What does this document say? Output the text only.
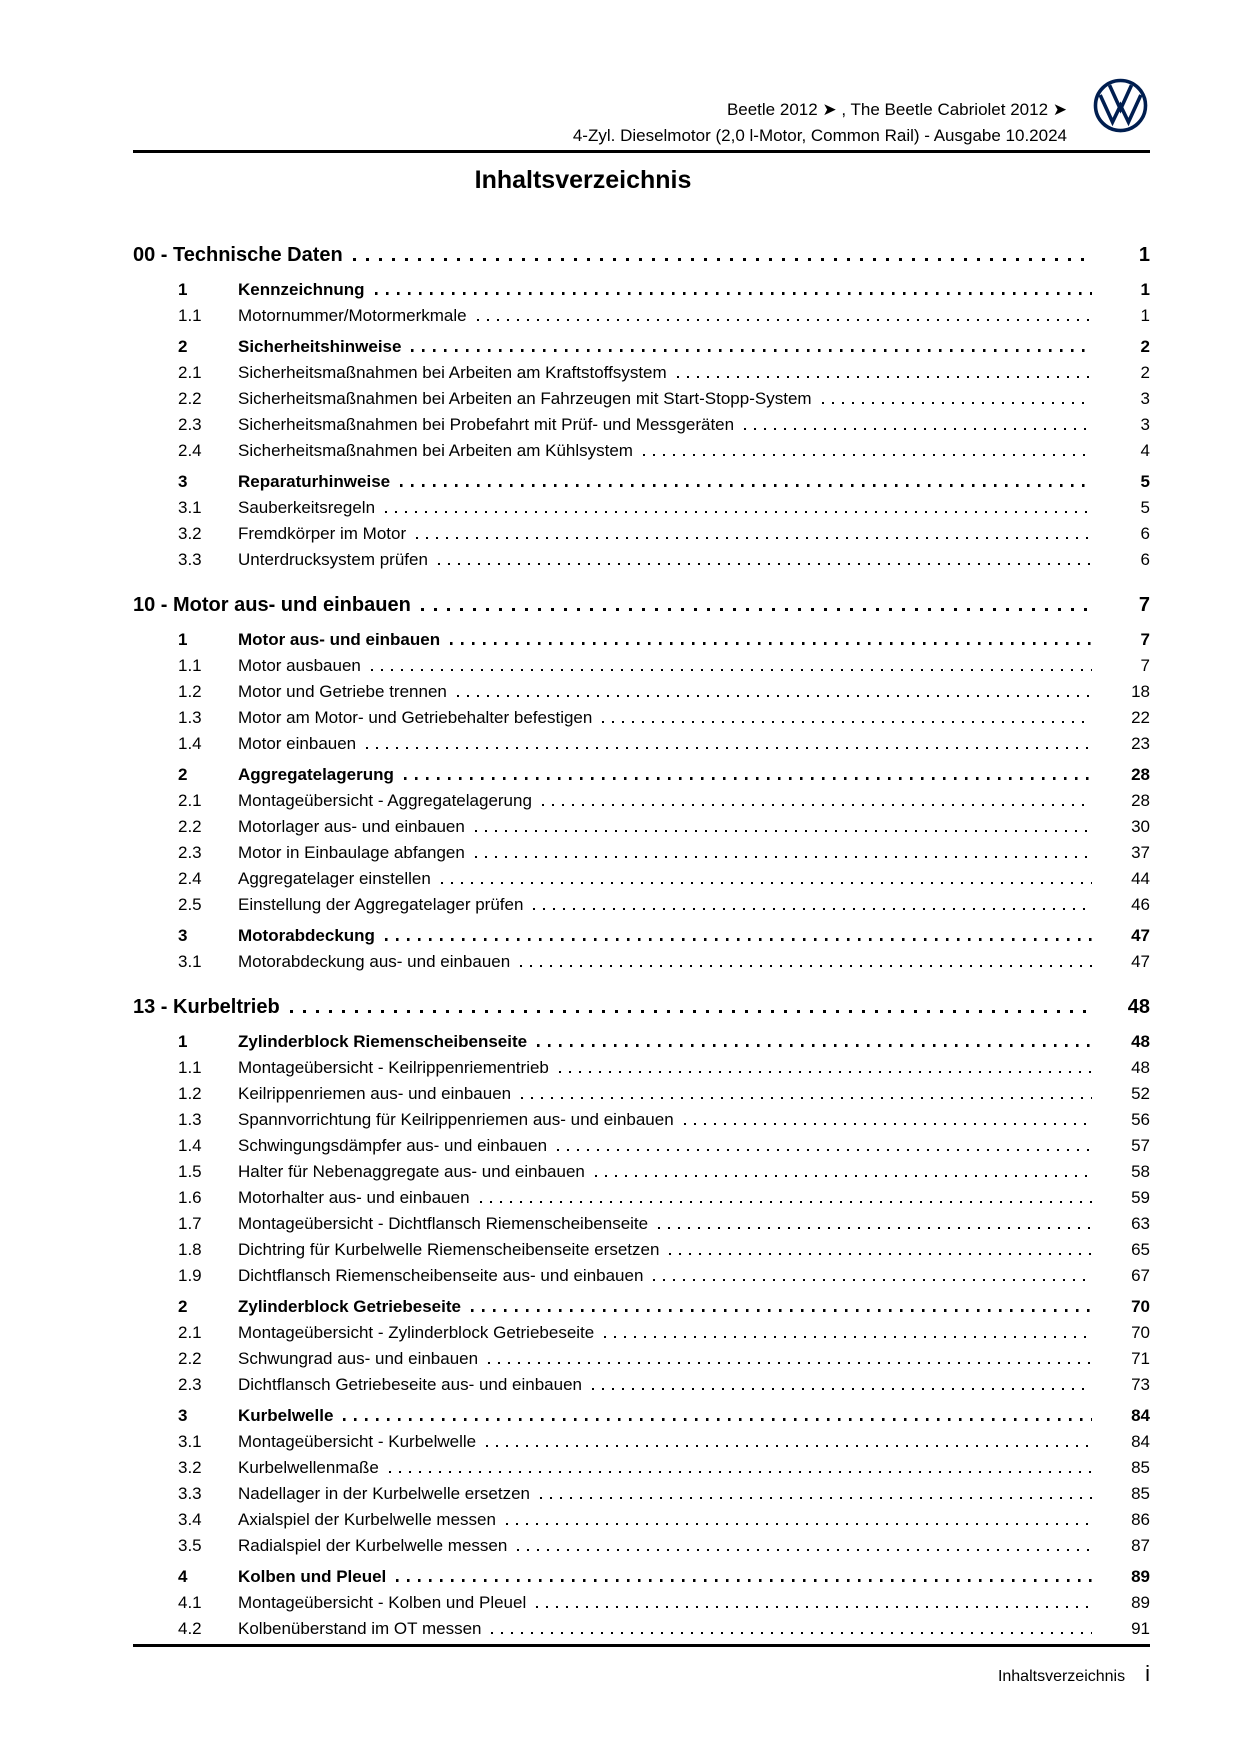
Beetle 2012 ➤ , The Beetle Cabriolet 2012 ➤
4-Zyl. Dieselmotor (2,0 l-Motor, Common Rail) - Ausgabe 10.2024
Inhaltsverzeichnis
00 - Technische Daten	1
1	Kennzeichnung	1
1.1	Motornummer/Motormerkmale	1
2	Sicherheitshinweise	2
2.1	Sicherheitsmaßnahmen bei Arbeiten am Kraftstoffsystem	2
2.2	Sicherheitsmaßnahmen bei Arbeiten an Fahrzeugen mit Start-Stopp-System	3
2.3	Sicherheitsmaßnahmen bei Probefahrt mit Prüf- und Messgeräten	3
2.4	Sicherheitsmaßnahmen bei Arbeiten am Kühlsystem	4
3	Reparaturhinweise	5
3.1	Sauberkeitsregeln	5
3.2	Fremdkörper im Motor	6
3.3	Unterdrucksystem prüfen	6
10 - Motor aus- und einbauen	7
1	Motor aus- und einbauen	7
1.1	Motor ausbauen	7
1.2	Motor und Getriebe trennen	18
1.3	Motor am Motor- und Getriebehalter befestigen	22
1.4	Motor einbauen	23
2	Aggregatelagerung	28
2.1	Montageübersicht - Aggregatelagerung	28
2.2	Motorlager aus- und einbauen	30
2.3	Motor in Einbaulage abfangen	37
2.4	Aggregatelager einstellen	44
2.5	Einstellung der Aggregatelager prüfen	46
3	Motorabdeckung	47
3.1	Motorabdeckung aus- und einbauen	47
13 - Kurbeltrieb	48
1	Zylinderblock Riemenscheibenseite	48
1.1	Montageübersicht - Keilrippenriementrieb	48
1.2	Keilrippenriemen aus- und einbauen	52
1.3	Spannvorrichtung für Keilrippenriemen aus- und einbauen	56
1.4	Schwingungsdämpfer aus- und einbauen	57
1.5	Halter für Nebenaggregate aus- und einbauen	58
1.6	Motorhalter aus- und einbauen	59
1.7	Montageübersicht - Dichtflansch Riemenscheibenseite	63
1.8	Dichtring für Kurbelwelle Riemenscheibenseite ersetzen	65
1.9	Dichtflansch Riemenscheibenseite aus- und einbauen	67
2	Zylinderblock Getriebeseite	70
2.1	Montageübersicht - Zylinderblock Getriebeseite	70
2.2	Schwungrad aus- und einbauen	71
2.3	Dichtflansch Getriebeseite aus- und einbauen	73
3	Kurbelwelle	84
3.1	Montageübersicht - Kurbelwelle	84
3.2	Kurbelwellenmaße	85
3.3	Nadellager in der Kurbelwelle ersetzen	85
3.4	Axialspiel der Kurbelwelle messen	86
3.5	Radialspiel der Kurbelwelle messen	87
4	Kolben und Pleuel	89
4.1	Montageübersicht - Kolben und Pleuel	89
4.2	Kolbenüberstand im OT messen	91
Inhaltsverzeichnis i
